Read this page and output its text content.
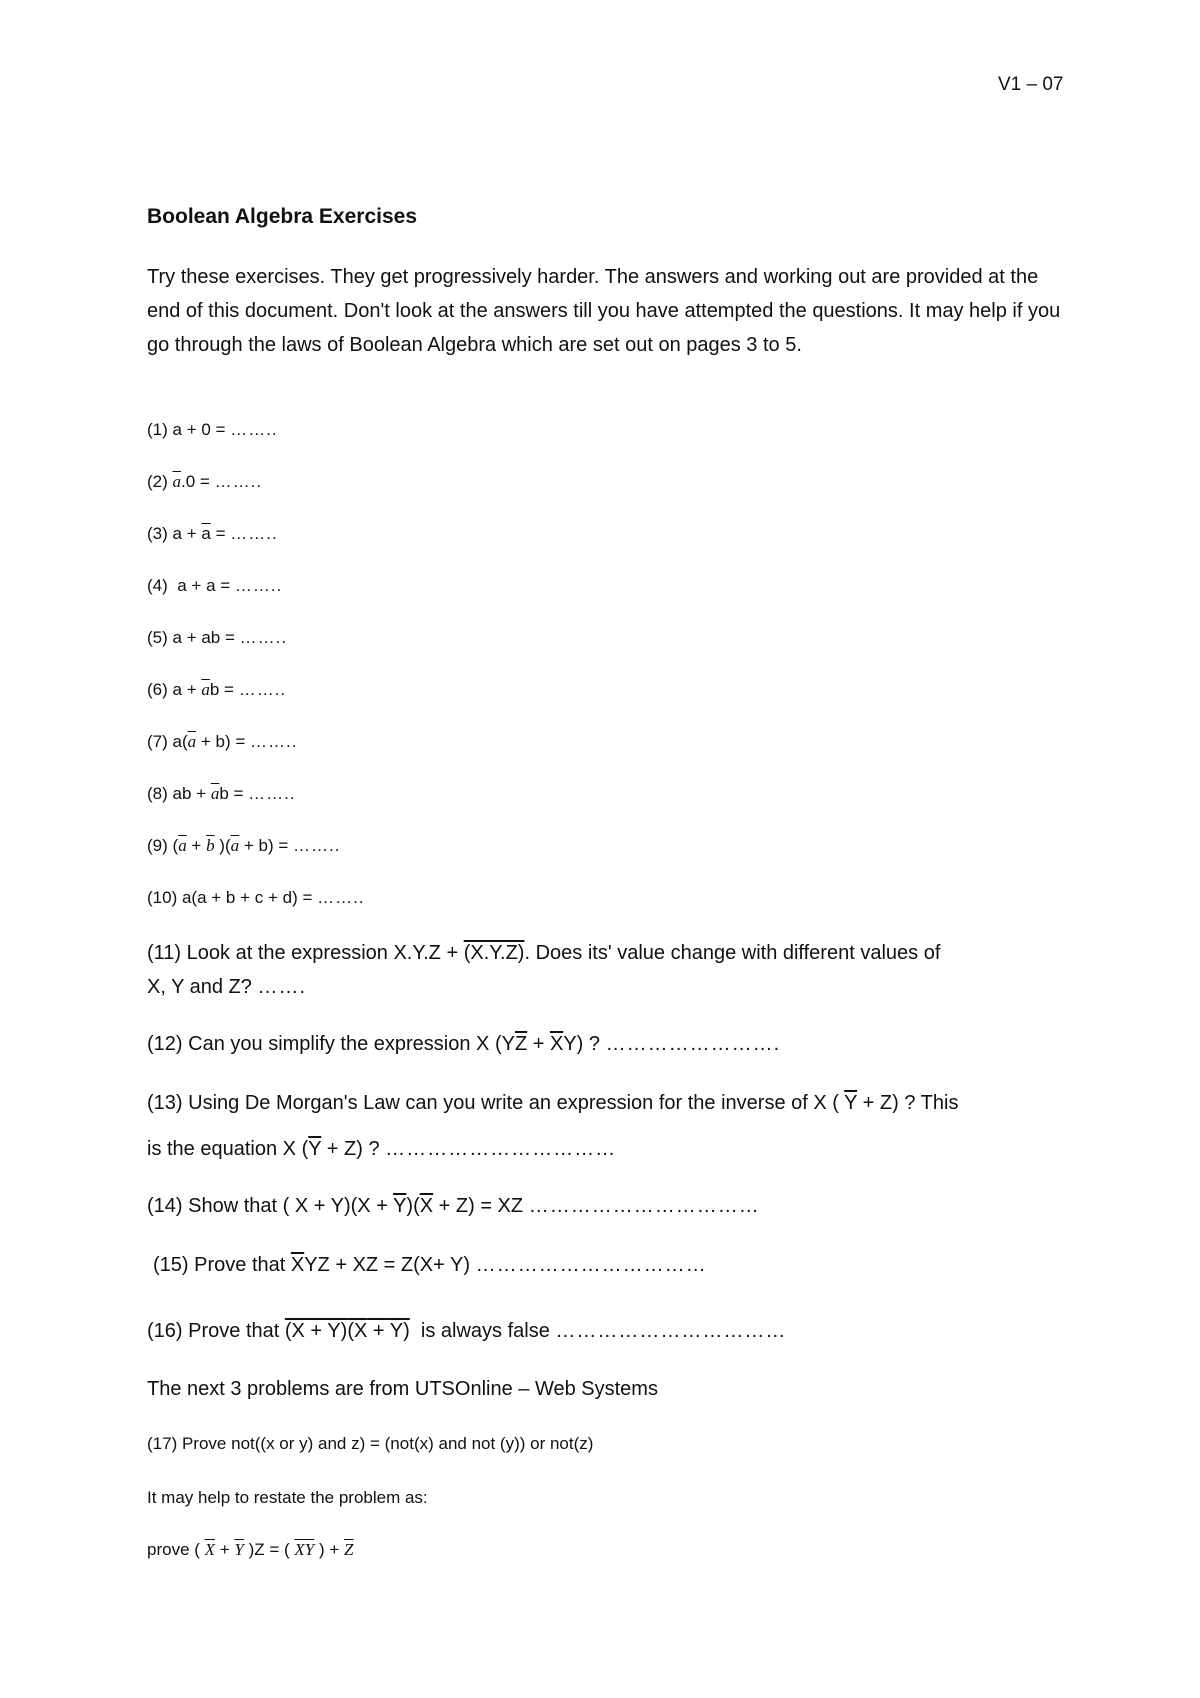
V1 – 07
Boolean Algebra Exercises

Try these exercises. They get progressively harder. The answers and working out are provided at the end of this document. Don't look at the answers till you have attempted the questions. It may help if you go through the laws of Boolean Algebra which are set out on pages 3 to 5.

(1) a + 0 = ……..
(2) $\overline{a}.0$ = ……..
(3) $a + \overline{a}$ = ……..
(4) a + a = ……..
(5) a + ab = ……..
(6) $a + \overline{a}b$ = ……..
(7) $a(\overline{a} + b)$ = ……..
(8) ab + $\overline{a}b$ = ……..
(9) ($\overline{a} + \overline{b}$ )$(\overline{a} + b)$ = ……..
(10) a(a + b + c + d) = ……..
(11) Look at the expression X.Y.Z + (X.Y.Z). Does its' value change with different values of
X, Y and Z? …….
(12) Can you simplify the expression X $(Y\overline{Z} + \overline{X}Y)$ ? …………………….
(13) Using De Morgan's Law can you write an expression for the inverse of X ( $\overline{Y} + Z$) ? This
is the equation X $(\overline{Y} + Z)$ ? ……………………………
(14) Show that ( $X + Y)(X + \overline{Y})(\overline{X} + Z)$ = XZ ……………………………
(15) Prove that $\overline{X}YZ$ + XZ = Z(X+ Y) ……………………………
(16) Prove that (X + Y)(X + Y) is always false ……………………………
The next 3 problems are from UTSOnline – Web Systems
(17) Prove not((x or y) and z) = (not(x) and not (y)) or not(z)
It may help to restate the problem as:
prove ( $\overline{X} + \overline{Y}$ )Z = ( $\overline{XY}$ ) + $\overline{Z}$
